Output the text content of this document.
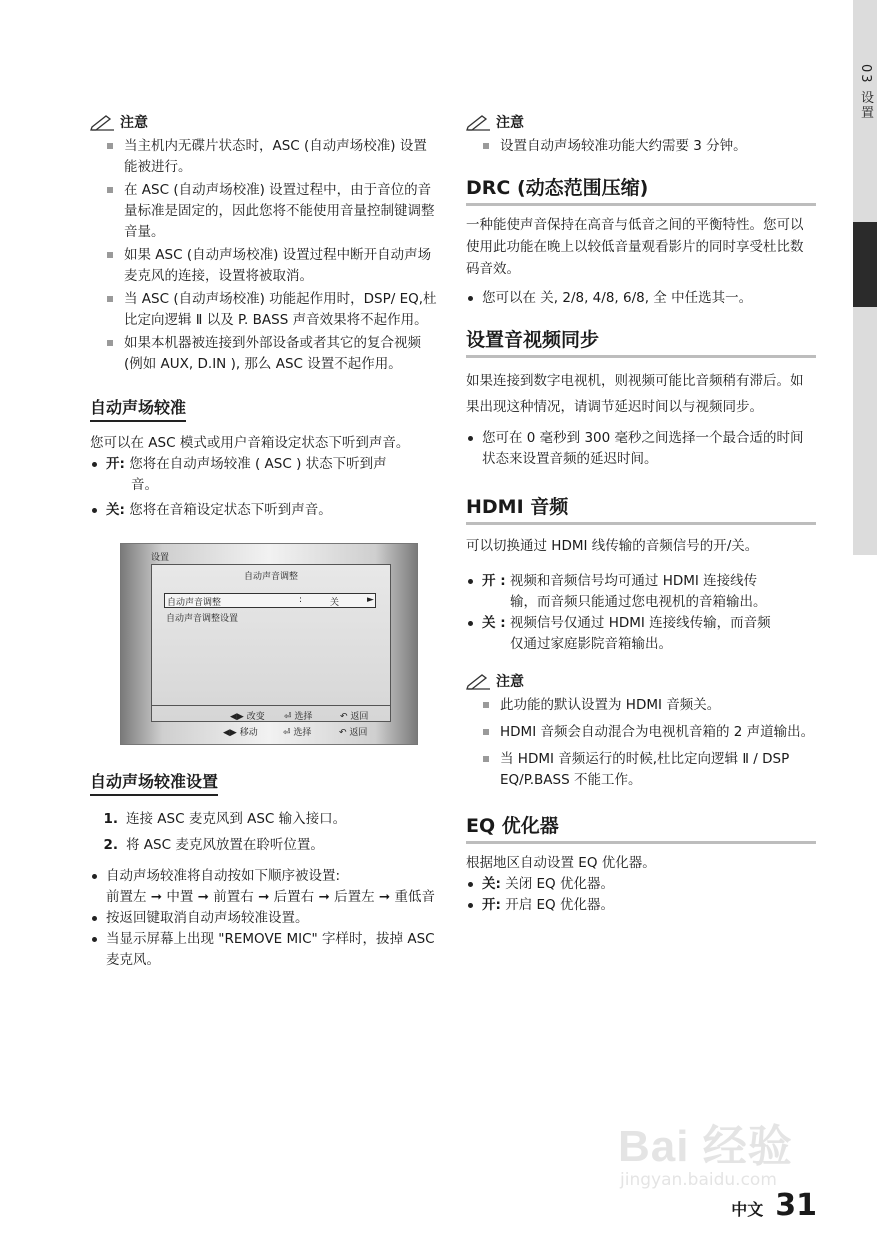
03 设置
注意
当主机内无碟片状态时，ASC (自动声场校准) 设置能被进行。
在 ASC (自动声场校准) 设置过程中，由于音位的音量标准是固定的，因此您将不能使用音量控制键调整音量。
如果 ASC (自动声场校准) 设置过程中断开自动声场麦克风的连接，设置将被取消。
当 ASC (自动声场校准) 功能起作用时，DSP/ EQ,杜比定向逻辑 Ⅱ 以及 P. BASS 声音效果将不起作用。
如果本机器被连接到外部设备或者其它的复合视频 (例如 AUX, D.IN ), 那么 ASC 设置不起作用。
自动声场较准

您可以在 ASC 模式或用户音箱设定状态下听到声音。

开: 您将在自动声场较准 ( ASC ) 状态下听到声
音。
关: 您将在音箱设定状态下听到声音。
设置
自动声音调整
自动声音调整	:	关	►
自动声音调整设置
◀▶ 改变 ⏎ 选择	↶ 返回
◀▶ 移动	⏎ 选择	↶ 返回
自动声场较准设置
1. 连接 ASC 麦克风到 ASC 输入接口。
2. 将 ASC 麦克风放置在聆听位置。
自动声场较准将自动按如下顺序被设置:
前置左 ➞ 中置 ➞ 前置右 ➞ 后置右 ➞ 后置左 ➞ 重低音
按返回键取消自动声场较准设置。
当显示屏幕上出现 "REMOVE MIC" 字样时，拔掉 ASC 麦克风。
注意
设置自动声场较准功能大约需要 3 分钟。
DRC (动态范围压缩)

一种能使声音保持在高音与低音之间的平衡特性。您可以使用此功能在晚上以较低音量观看影片的同时享受杜比数码音效。

您可以在 关, 2/8, 4/8, 6/8, 全 中任选其一。
设置音视频同步

如果连接到数字电视机，则视频可能比音频稍有滞后。如果出现这种情况，请调节延迟时间以与视频同步。

您可在 0 毫秒到 300 毫秒之间选择一个最合适的时间状态来设置音频的延迟时间。
HDMI 音频

可以切换通过 HDMI 线传输的音频信号的开/关。

开 : 视频和音频信号均可通过 HDMI 连接线传
输，而音频只能通过您电视机的音箱输出。
关 : 视频信号仅通过 HDMI 连接线传输，而音频
仅通过家庭影院音箱输出。
注意
此功能的默认设置为 HDMI 音频关。
HDMI 音频会自动混合为电视机音箱的 2 声道输出。
当 HDMI 音频运行的时候,杜比定向逻辑 Ⅱ / DSP EQ/P.BASS 不能工作。
EQ 优化器

根据地区自动设置 EQ 优化器。

关: 关闭 EQ 优化器。
开: 开启 EQ 优化器。
Bai 经验
jingyan.baidu.com
中文 31
